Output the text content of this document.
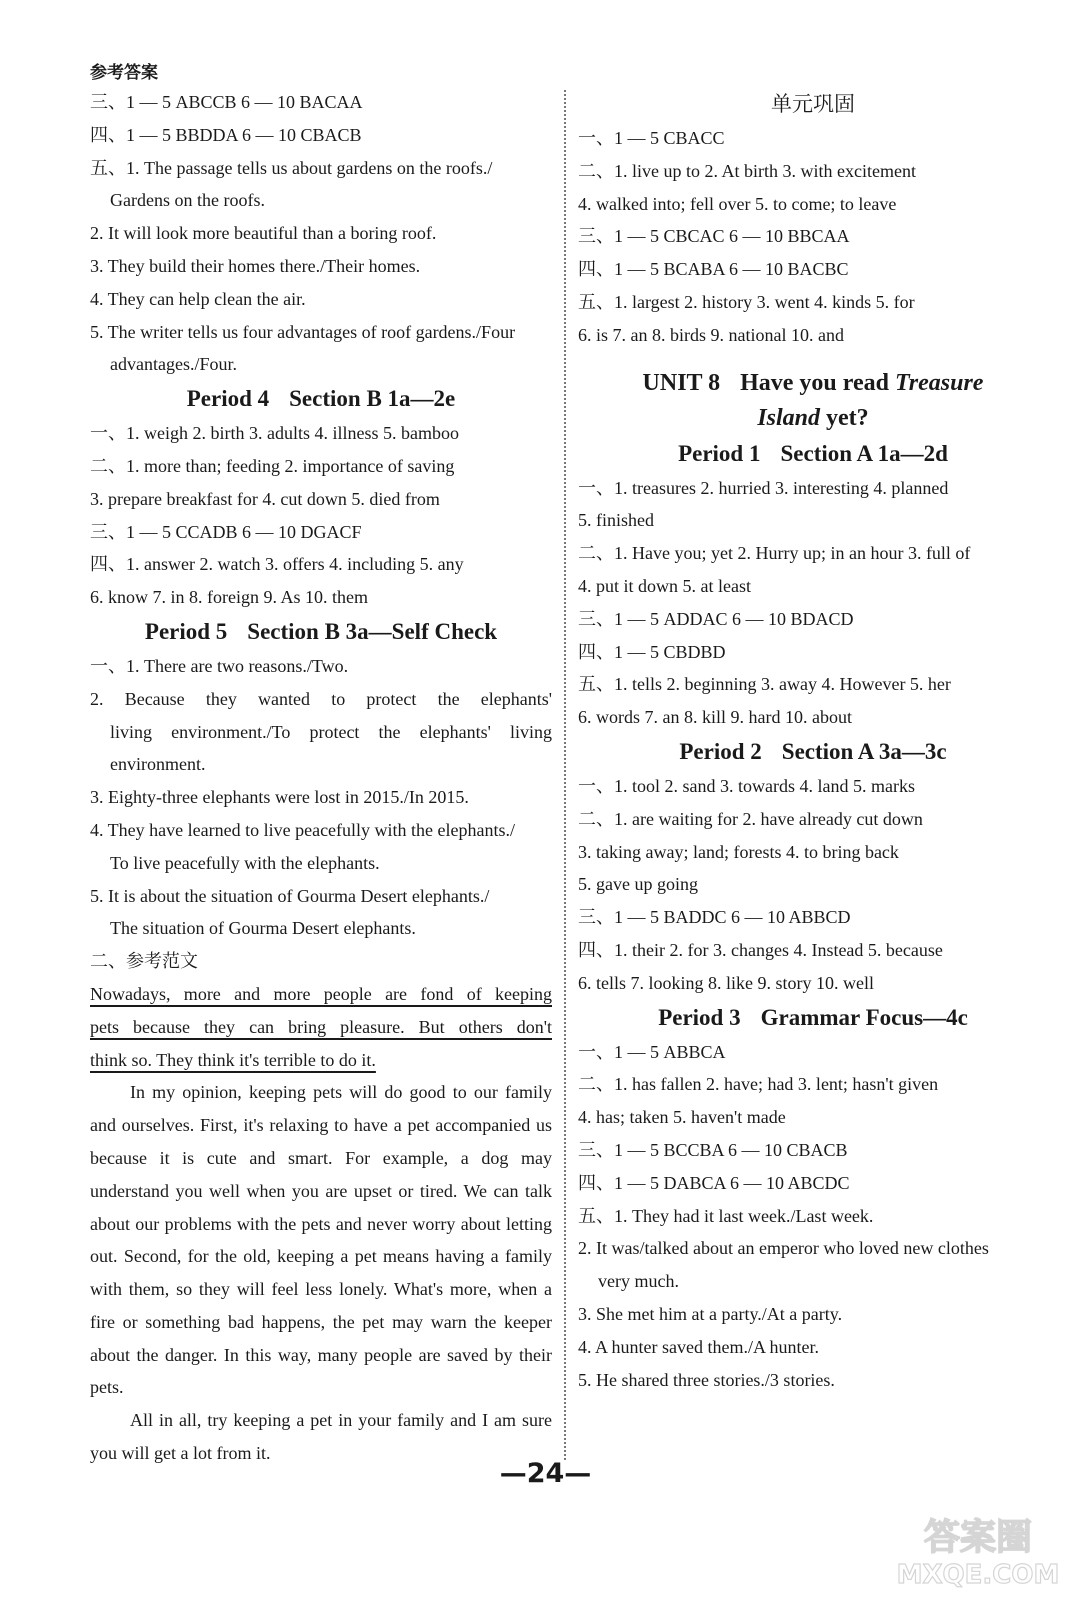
参考答案
三、1 — 5 ABCCB 6 — 10 BACAA
四、1 — 5 BBDDA 6 — 10 CBACB
五、1. The passage tells us about gardens on the roofs./
Gardens on the roofs.
2. It will look more beautiful than a boring roof.
3. They build their homes there./Their homes.
4. They can help clean the air.
5. The writer tells us four advantages of roof gardens./Four
advantages./Four.
Period 4 Section B 1a—2e
一、1. weigh 2. birth 3. adults 4. illness 5. bamboo
二、1. more than; feeding 2. importance of saving
3. prepare breakfast for 4. cut down 5. died from
三、1 — 5 CCADB 6 — 10 DGACF
四、1. answer 2. watch 3. offers 4. including 5. any
6. know 7. in 8. foreign 9. As 10. them
Period 5 Section B 3a—Self Check
一、1. There are two reasons./Two.
2. Because they wanted to protect the elephants'
living environment./To protect the elephants' living
environment.
3. Eighty-three elephants were lost in 2015./In 2015.
4. They have learned to live peacefully with the elephants./
To live peacefully with the elephants.
5. It is about the situation of Gourma Desert elephants./
The situation of Gourma Desert elephants.
二、参考范文
Nowadays, more and more people are fond of keeping
pets because they can bring pleasure. But others don't
think so. They think it's terrible to do it.
In my opinion, keeping pets will do good to our family and ourselves. First, it's relaxing to have a pet accompanied us because it is cute and smart. For example, a dog may understand you well when you are upset or tired. We can talk about our problems with the pets and never worry about letting out. Second, for the old, keeping a pet means having a family with them, so they will feel less lonely. What's more, when a fire or something bad happens, the pet may warn the keeper about the danger. In this way, many people are saved by their pets.
All in all, try keeping a pet in your family and I am sure you will get a lot from it.
单元巩固
一、1 — 5 CBACC
二、1. live up to 2. At birth 3. with excitement
4. walked into; fell over 5. to come; to leave
三、1 — 5 CBCAC 6 — 10 BBCAA
四、1 — 5 BCABA 6 — 10 BACBC
五、1. largest 2. history 3. went 4. kinds 5. for
6. is 7. an 8. birds 9. national 10. and
UNIT 8 Have you read Treasure
Island yet?
Period 1 Section A 1a—2d
一、1. treasures 2. hurried 3. interesting 4. planned
5. finished
二、1. Have you; yet 2. Hurry up; in an hour 3. full of
4. put it down 5. at least
三、1 — 5 ADDAC 6 — 10 BDACD
四、1 — 5 CBDBD
五、1. tells 2. beginning 3. away 4. However 5. her
6. words 7. an 8. kill 9. hard 10. about
Period 2 Section A 3a—3c
一、1. tool 2. sand 3. towards 4. land 5. marks
二、1. are waiting for 2. have already cut down
3. taking away; land; forests 4. to bring back
5. gave up going
三、1 — 5 BADDC 6 — 10 ABBCD
四、1. their 2. for 3. changes 4. Instead 5. because
6. tells 7. looking 8. like 9. story 10. well
Period 3 Grammar Focus—4c
一、1 — 5 ABBCA
二、1. has fallen 2. have; had 3. lent; hasn't given
4. has; taken 5. haven't made
三、1 — 5 BCCBA 6 — 10 CBACB
四、1 — 5 DABCA 6 — 10 ABCDC
五、1. They had it last week./Last week.
2. It was/talked about an emperor who loved new clothes
very much.
3. She met him at a party./At a party.
4. A hunter saved them./A hunter.
5. He shared three stories./3 stories.
—24—
答案圈
MXQE.COM
